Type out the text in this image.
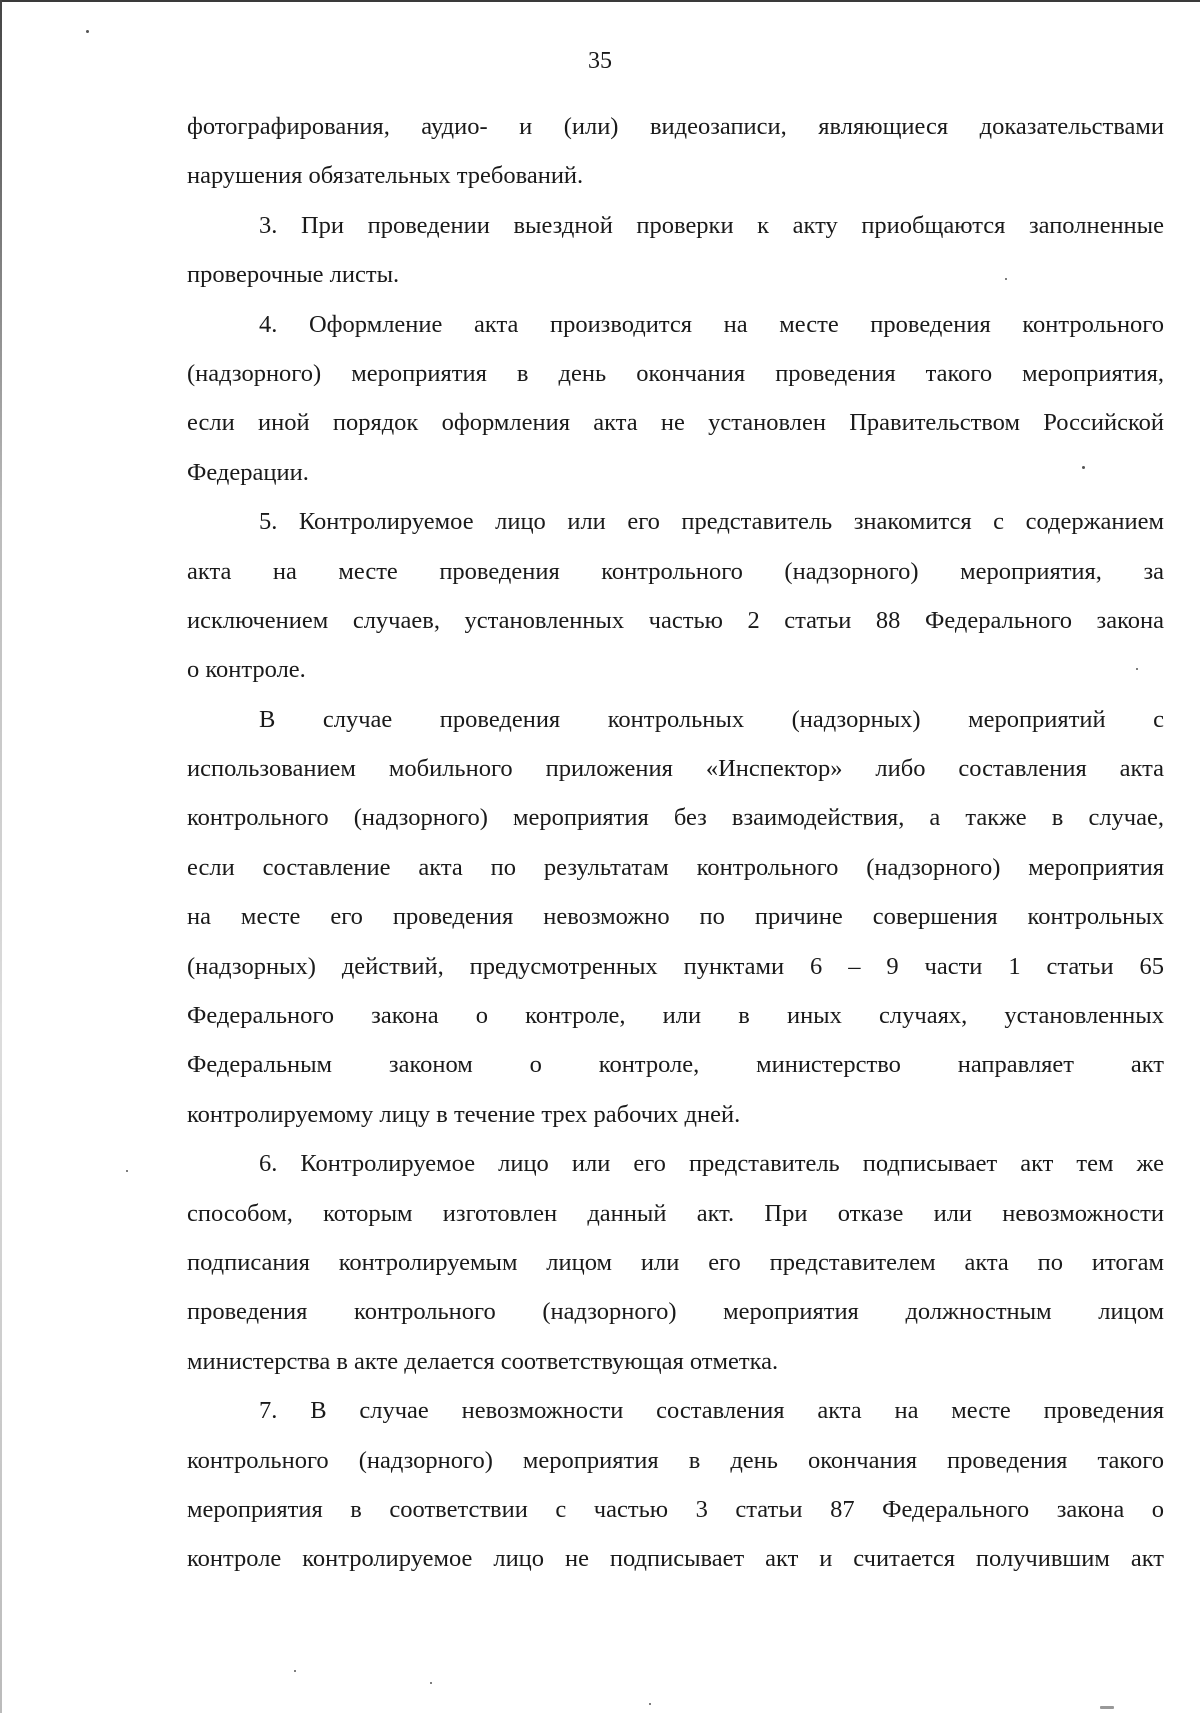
35
фотографирования, аудио- и (или) видеозаписи, являющиеся доказательствами
нарушения обязательных требований.
3. При проведении выездной проверки к акту приобщаются заполненные
проверочные листы.
4. Оформление акта производится на месте проведения контрольного
(надзорного) мероприятия в день окончания проведения такого мероприятия,
если иной порядок оформления акта не установлен Правительством Российской
Федерации.
5. Контролируемое лицо или его представитель знакомится с содержанием
акта на месте проведения контрольного (надзорного) мероприятия, за
исключением случаев, установленных частью 2 статьи 88 Федерального закона
о контроле.
В случае проведения контрольных (надзорных) мероприятий с
использованием мобильного приложения «Инспектор» либо составления акта
контрольного (надзорного) мероприятия без взаимодействия, а также в случае,
если составление акта по результатам контрольного (надзорного) мероприятия
на месте его проведения невозможно по причине совершения контрольных
(надзорных) действий, предусмотренных пунктами 6 – 9 части 1 статьи 65
Федерального закона о контроле, или в иных случаях, установленных
Федеральным законом о контроле, министерство направляет акт
контролируемому лицу в течение трех рабочих дней.
6. Контролируемое лицо или его представитель подписывает акт тем же
способом, которым изготовлен данный акт. При отказе или невозможности
подписания контролируемым лицом или его представителем акта по итогам
проведения контрольного (надзорного) мероприятия должностным лицом
министерства в акте делается соответствующая отметка.
7. В случае невозможности составления акта на месте проведения
контрольного (надзорного) мероприятия в день окончания проведения такого
мероприятия в соответствии с частью 3 статьи 87 Федерального закона о
контроле контролируемое лицо не подписывает акт и считается получившим акт
